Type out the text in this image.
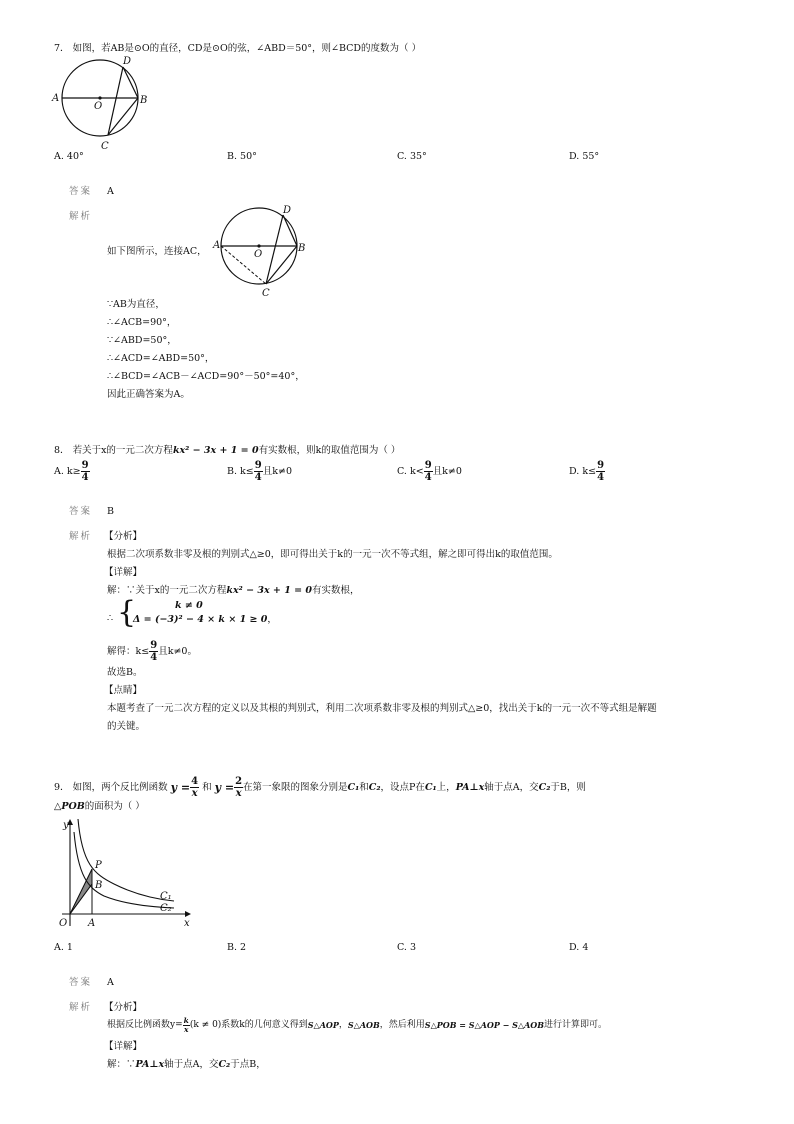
7． 如图，若AB是⊙O的直径，CD是⊙O的弦，∠ABD＝50°，则∠BCD的度数为（ ）
A	B
C
D
O
A. 40°	B. 50°	C. 35°	D. 55°
答案 A
解析
如下图所示，连接AC，
A	B
C
D
O
∵AB为直径，
∴∠ACB=90°，
∵∠ABD=50°，
∴∠ACD=∠ABD=50°，
∴∠BCD=∠ACB－∠ACD=90°－50°=40°，
因此正确答案为A。
8． 若关于x的一元二次方程kx² − 3x + 1 = 0有实数根，则k的取值范围为（ ）
A. $k\ge \frac{9}{4}$	B. $k\le \frac{9}{4}$ 且k≠0	C. $k< \frac{9}{4}$ 且k≠0	D. $k\le \frac{9}{4}$
答案 B
解析 【分析】
根据二次项系数非零及根的判别式△≥0，即可得出关于k的一元一次不等式组，解之即可得出k的取值范围。
【详解】
解：∵关于x的一元二次方程kx² − 3x + 1 = 0有实数根，
∴ {	k ≠ 0
Δ = (−3)² − 4 × k × 1 ≥ 0，
解得：$k\le \frac{9}{4}$ 且k≠0。
故选B。
【点睛】
本题考查了一元二次方程的定义以及其根的判别式，利用二次项系数非零及根的判别式△≥0，找出关于k的一元一次不等式组是解题
的关键。
9． 如图，两个反比例函数 $y = \frac{4}{x}$ 和 $y = \frac{2}{x}$ 在第一象限的图象分别是C₁和C₂，设点P在C₁上，PA⊥x轴于点A，交C₂于B，则
△POB的面积为（ ）
y
x
O A
P
B
C₁
C₂
A. 1	B. 2	C. 3	D. 4
答案 A
解析 【分析】
根据反比例函数$y= \frac{k}{x} (k \ne 0)$系数k的几何意义得到S△AOP，S△AOB，然后利用S△POB = S△AOP − S△AOB进行计算即可。
【详解】
解：∵PA⊥x轴于点A，交C₂于点B，
